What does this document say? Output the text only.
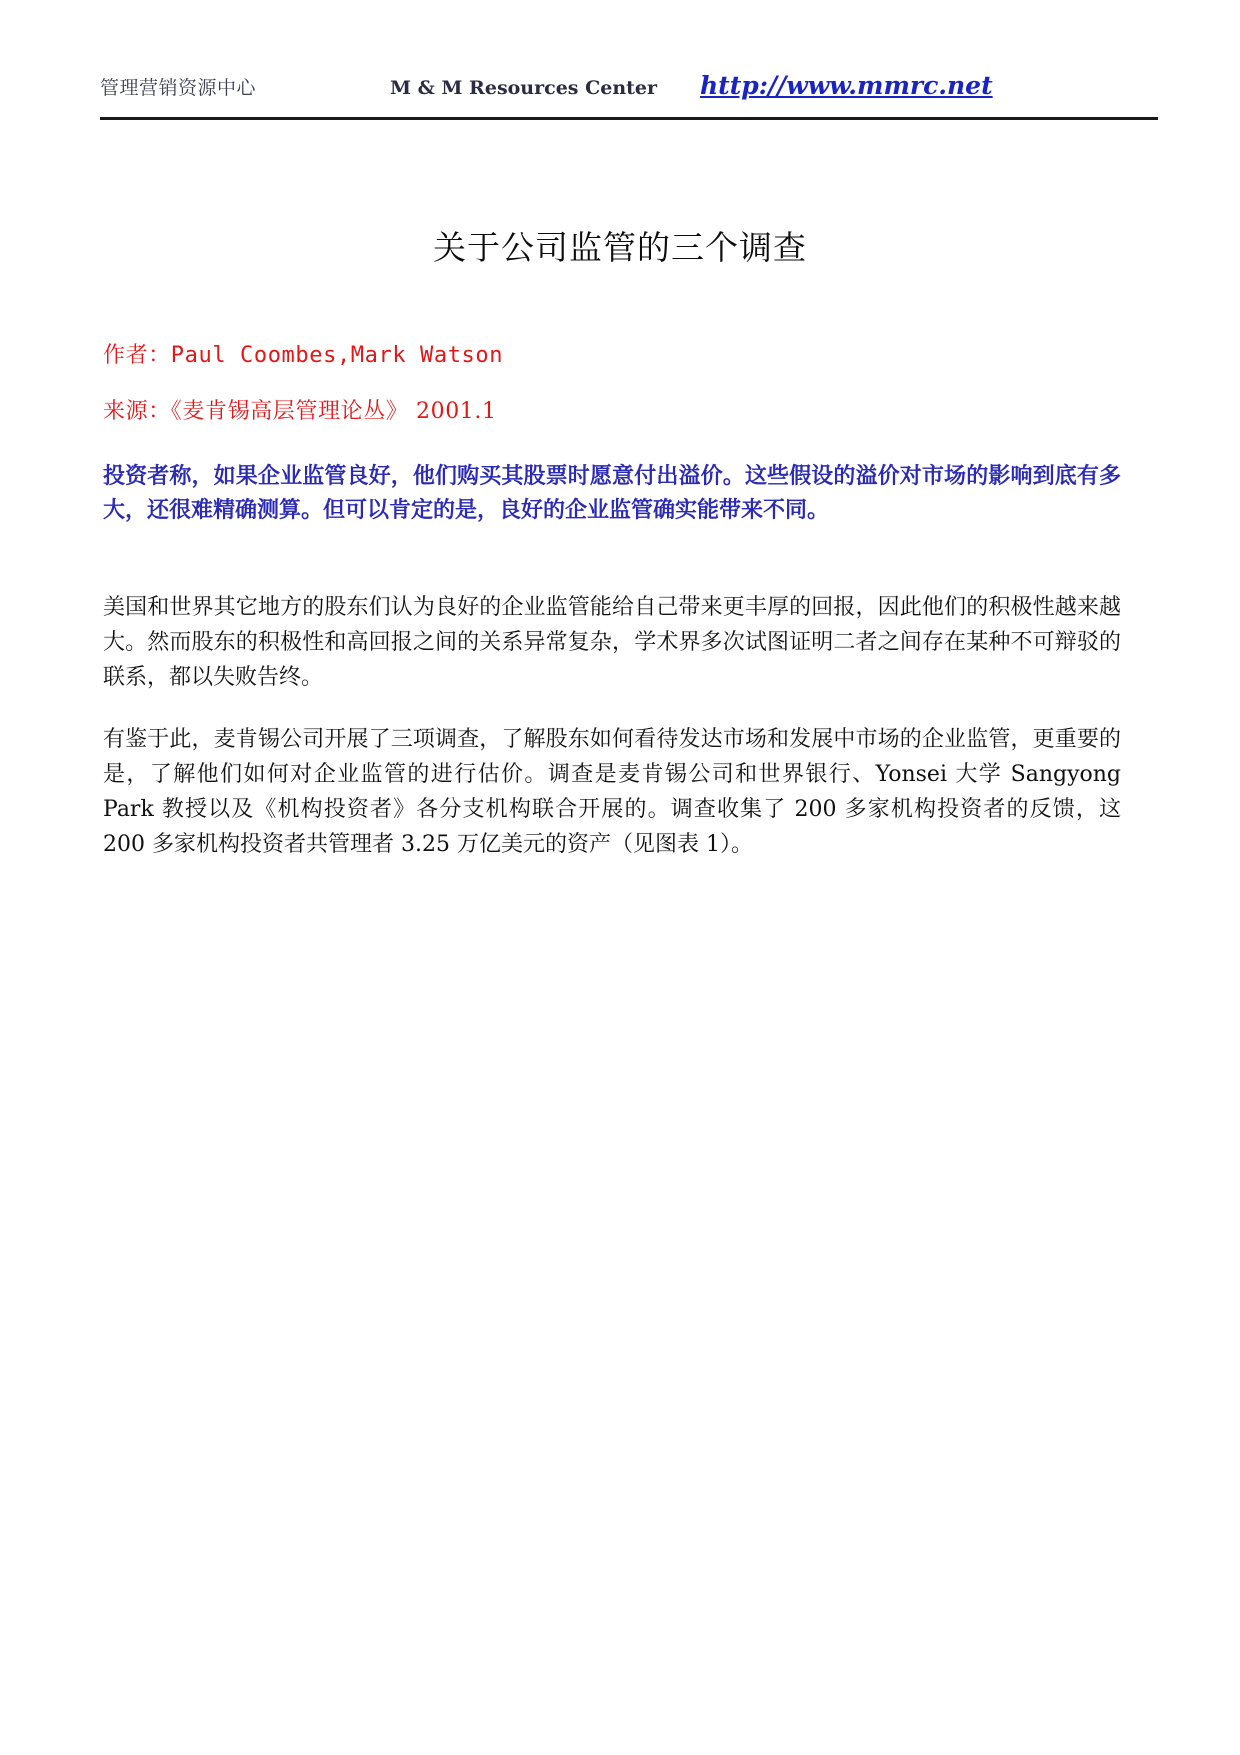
管理营销资源中心	M & M Resources Center	http://www.mmrc.net
关于公司监管的三个调查

作者：Paul Coombes,Mark Watson

来源：《麦肯锡高层管理论丛》 2001.1

投资者称，如果企业监管良好，他们购买其股票时愿意付出溢价。这些假设的溢价对市场的影响到底有多大，还很难精确测算。但可以肯定的是，良好的企业监管确实能带来不同。

美国和世界其它地方的股东们认为良好的企业监管能给自己带来更丰厚的回报，因此他们的积极性越来越大。然而股东的积极性和高回报之间的关系异常复杂，学术界多次试图证明二者之间存在某种不可辩驳的联系，都以失败告终。

有鉴于此，麦肯锡公司开展了三项调查，了解股东如何看待发达市场和发展中市场的企业监管，更重要的是，了解他们如何对企业监管的进行估价。调查是麦肯锡公司和世界银行、Yonsei 大学 Sangyong Park 教授以及《机构投资者》各分支机构联合开展的。调查收集了 200 多家机构投资者的反馈，这 200 多家机构投资者共管理者 3.25 万亿美元的资产（见图表 1）。
